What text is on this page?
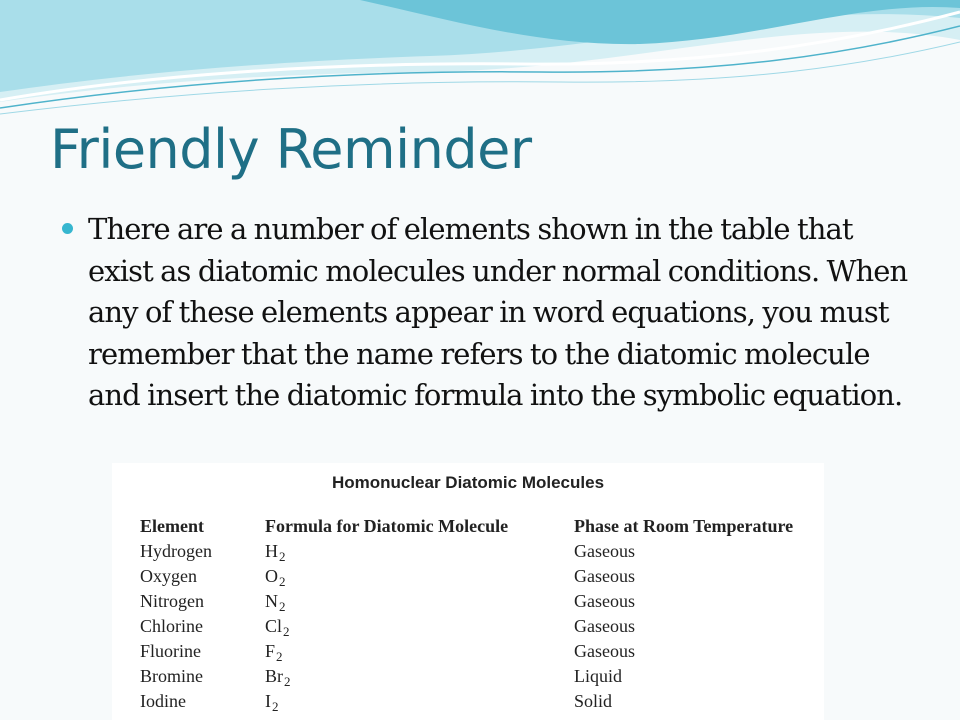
Friendly Reminder
There are a number of elements shown in the table that exist as diatomic molecules under normal conditions. When any of these elements appear in word equations, you must remember that the name refers to the diatomic molecule and insert the diatomic formula into the symbolic equation.
Homonuclear Diatomic Molecules
Element	Formula for Diatomic Molecule	Phase at Room Temperature
Hydrogen	$H_2$	Gaseous
Oxygen	$O_2$	Gaseous
Nitrogen	$N_2$	Gaseous
Chlorine	$Cl_2$	Gaseous
Fluorine	$F_2$	Gaseous
Bromine	$Br_2$	Liquid
Iodine	$I_2$	Solid
